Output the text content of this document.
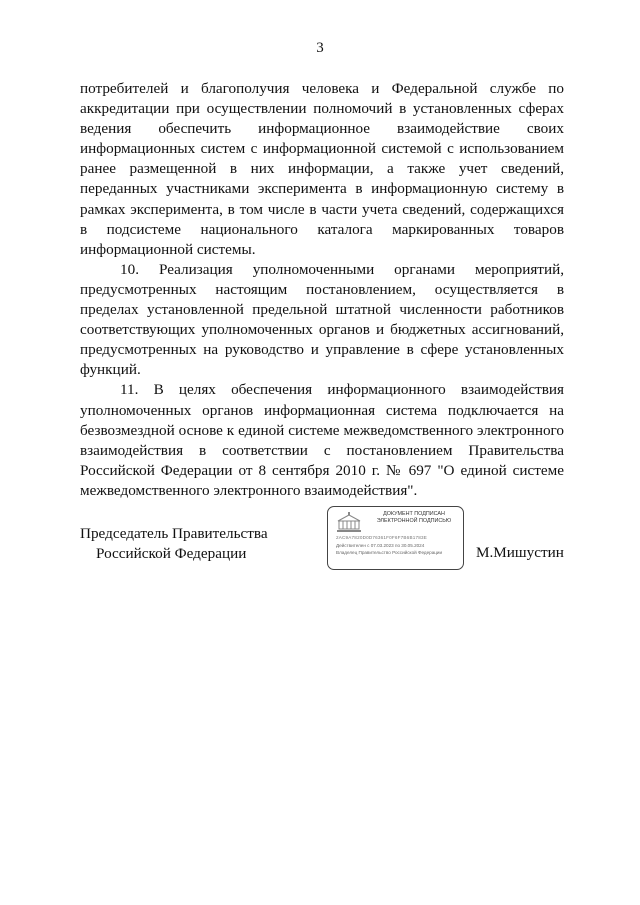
3

потребителей и благополучия человека и Федеральной службе по аккредитации при осуществлении полномочий в установленных сферах ведения обеспечить информационное взаимодействие своих информационных систем с информационной системой с использованием ранее размещенной в них информации, а также учет сведений, переданных участниками эксперимента в информационную систему в рамках эксперимента, в том числе в части учета сведений, содержащихся в подсистеме национального каталога маркированных товаров информационной системы.

10. Реализация уполномоченными органами мероприятий, предусмотренных настоящим постановлением, осуществляется в пределах установленной предельной штатной численности работников соответствующих уполномоченных органов и бюджетных ассигнований, предусмотренных на руководство и управление в сфере установленных функций.

11. В целях обеспечения информационного взаимодействия уполномоченных органов информационная система подключается на безвозмездной основе к единой системе межведомственного электронного взаимодействия в соответствии с постановлением Правительства Российской Федерации от 8 сентября 2010 г. № 697 "О единой системе межведомственного электронного взаимодействия".

Председатель Правительства
Российской Федерации
ДОКУМЕНТ ПОДПИСАН
ЭЛЕКТРОННОЙ ПОДПИСЬЮ
2AC9A7820D0D76361F0F6F7B6B1783E
Действителен с 07.03.2023 по 30.05.2024
Владелец Правительство Российской Федерации	М.Мишустин
